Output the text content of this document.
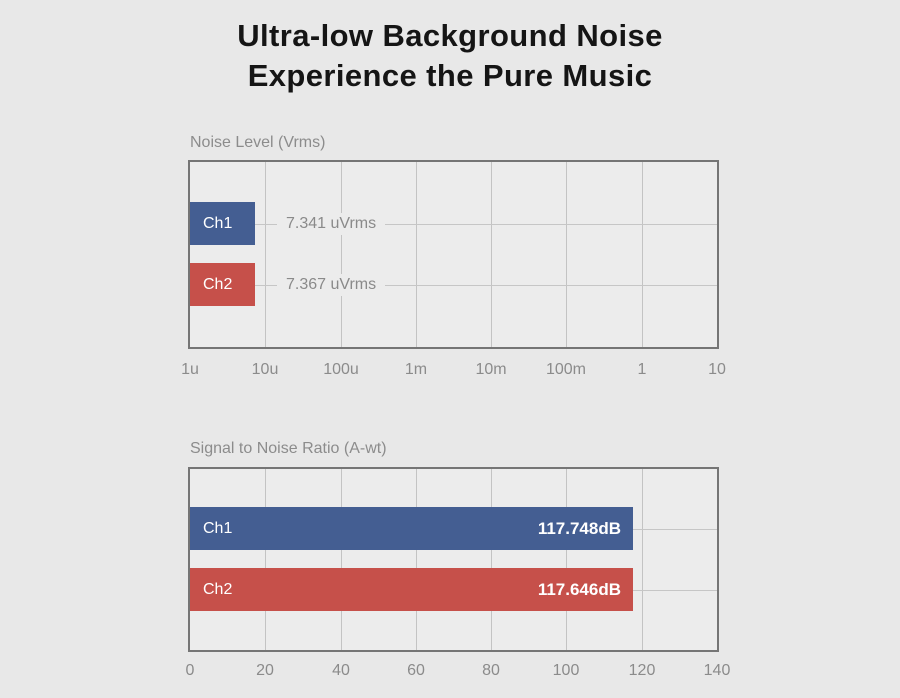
Ultra-low Background Noise
Experience the Pure Music
Noise Level (Vrms)
Ch1	7.341 uVrms
Ch2	7.367 uVrms
1u	10u	100u	1m	10m	100m	1	10
Signal to Noise Ratio (A-wt)
Ch1	117.748dB
Ch2	117.646dB
0	20	40	60	80	100	120	140
